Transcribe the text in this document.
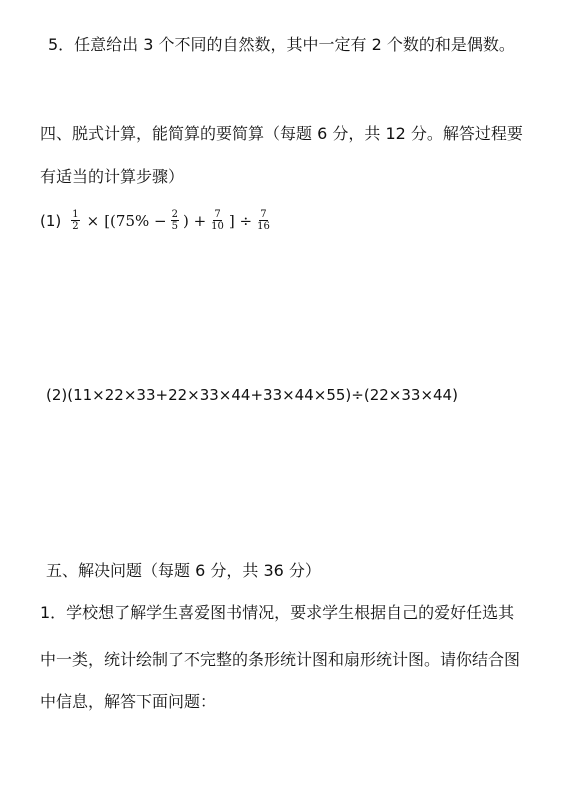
5．任意给出 3 个不同的自然数，其中一定有 2 个数的和是偶数。
四、脱式计算，能简算的要简算（每题 6 分，共 12 分。解答过程要
有适当的计算步骤）
$(1) \frac{1}{2} \times [(75\% - \frac{2}{5}$ ) + $\frac{7}{10}$ ] ÷ $\frac{7}{16}$
(2)(11×22×33+22×33×44+33×44×55)÷(22×33×44)
五、解决问题（每题 6 分，共 36 分）
1．学校想了解学生喜爱图书情况，要求学生根据自己的爱好任选其
中一类，统计绘制了不完整的条形统计图和扇形统计图。请你结合图
中信息，解答下面问题：
